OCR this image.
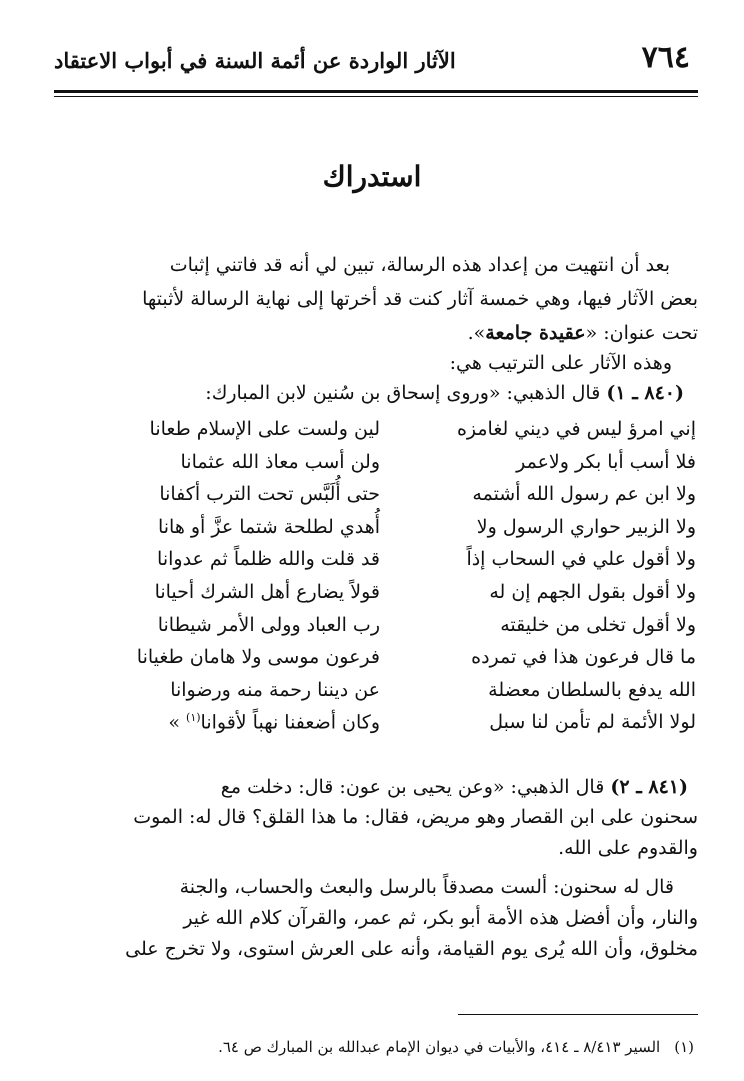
٧٦٤
الآثار الواردة عن أئمة السنة في أبواب الاعتقاد
استدراك
بعد أن انتهيت من إعداد هذه الرسالة، تبين لي أنه قد فاتني إثبات
بعض الآثار فيها، وهي خمسة آثار كنت قد أخرتها إلى نهاية الرسالة لأثبتها
تحت عنوان: «عقيدة جامعة».
وهذه الآثار على الترتيب هي:
(٨٤٠ ـ ١) قال الذهبي: «وروى إسحاق بن سُنين لابن المبارك:
إني امرؤ ليس في ديني لغامزه
لين ولست على الإسلام طعانا
فلا أسب أبا بكر ولاعمر
ولن أسب معاذ الله عثمانا
ولا ابن عم رسول الله أشتمه
حتى أُلَبَّس تحت الترب أكفانا
ولا الزبير حواري الرسول ولا
أُهدي لطلحة شتما عزَّ أو هانا
ولا أقول علي في السحاب إذاً
قد قلت والله ظلماً ثم عدوانا
ولا أقول بقول الجهم إن له
قولاً يضارع أهل الشرك أحيانا
ولا أقول تخلى من خليقته
رب العباد وولى الأمر شيطانا
ما قال فرعون هذا في تمرده
فرعون موسى ولا هامان طغيانا
الله يدفع بالسلطان معضلة
عن ديننا رحمة منه ورضوانا
لولا الأئمة لم تأمن لنا سبل
وكان أضعفنا نهباً لأقوانا$^{(١)}$ »
(٨٤١ ـ ٢) قال الذهبي: «وعن يحيى بن عون: قال: دخلت مع
سحنون على ابن القصار وهو مريض، فقال: ما هذا القلق؟ قال له: الموت
والقدوم على الله.
قال له سحنون: ألست مصدقاً بالرسل والبعث والحساب، والجنة
والنار، وأن أفضل هذه الأمة أبو بكر، ثم عمر، والقرآن كلام الله غير
مخلوق، وأن الله يُرى يوم القيامة، وأنه على العرش استوى، ولا تخرج على
(١)السير ٨/٤١٣ ـ ٤١٤، والأبيات في ديوان الإمام عبدالله بن المبارك ص ٦٤.
